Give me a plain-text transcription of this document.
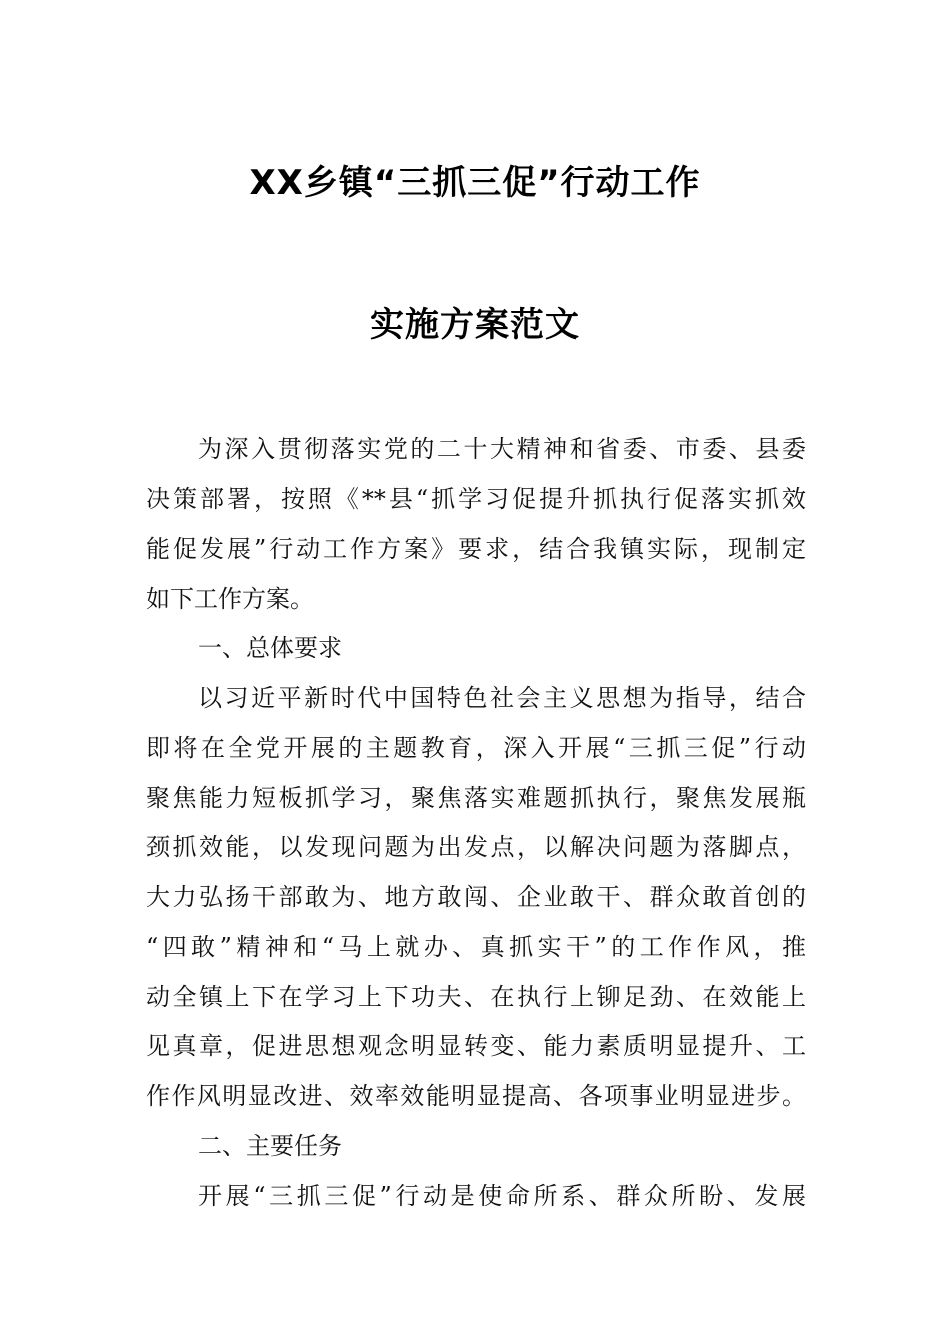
XX乡镇“三抓三促”行动工作
实施方案范文
为深入贯彻落实党的二十大精神和省委、市委、县委
决策部署，按照《**县“抓学习促提升抓执行促落实抓效
能促发展”行动工作方案》要求，结合我镇实际，现制定
如下工作方案。
一、总体要求
以习近平新时代中国特色社会主义思想为指导，结合
即将在全党开展的主题教育，深入开展“三抓三促”行动
聚焦能力短板抓学习，聚焦落实难题抓执行，聚焦发展瓶
颈抓效能，以发现问题为出发点，以解决问题为落脚点，
大力弘扬干部敢为、地方敢闯、企业敢干、群众敢首创的
“四敢”精神和“马上就办、真抓实干”的工作作风，推
动全镇上下在学习上下功夫、在执行上铆足劲、在效能上
见真章，促进思想观念明显转变、能力素质明显提升、工
作作风明显改进、效率效能明显提高、各项事业明显进步。
二、主要任务
开展“三抓三促”行动是使命所系、群众所盼、发展
